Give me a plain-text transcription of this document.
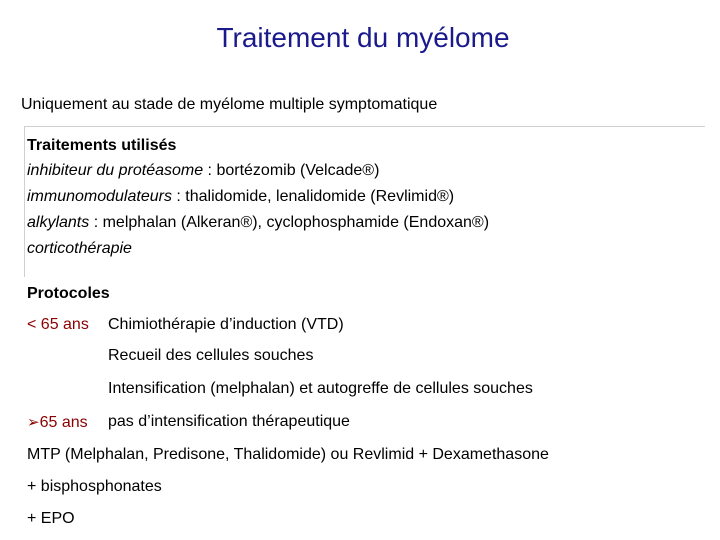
Traitement du myélome
Uniquement au stade de myélome multiple symptomatique
Traitements utilisés
inhibiteur du protéasome : bortézomib (Velcade®)
immunomodulateurs : thalidomide, lenalidomide (Revlimid®)
alkylants : melphalan (Alkeran®), cyclophosphamide (Endoxan®)
corticothérapie
Protocoles
< 65 ans Chimiothérapie d’induction (VTD)
Recueil des cellules souches
Intensification (melphalan) et autogreffe de cellules souches
➢65 ans pas d’intensification thérapeutique
MTP (Melphalan, Predisone, Thalidomide) ou Revlimid + Dexamethasone
+ bisphosphonates
+ EPO
